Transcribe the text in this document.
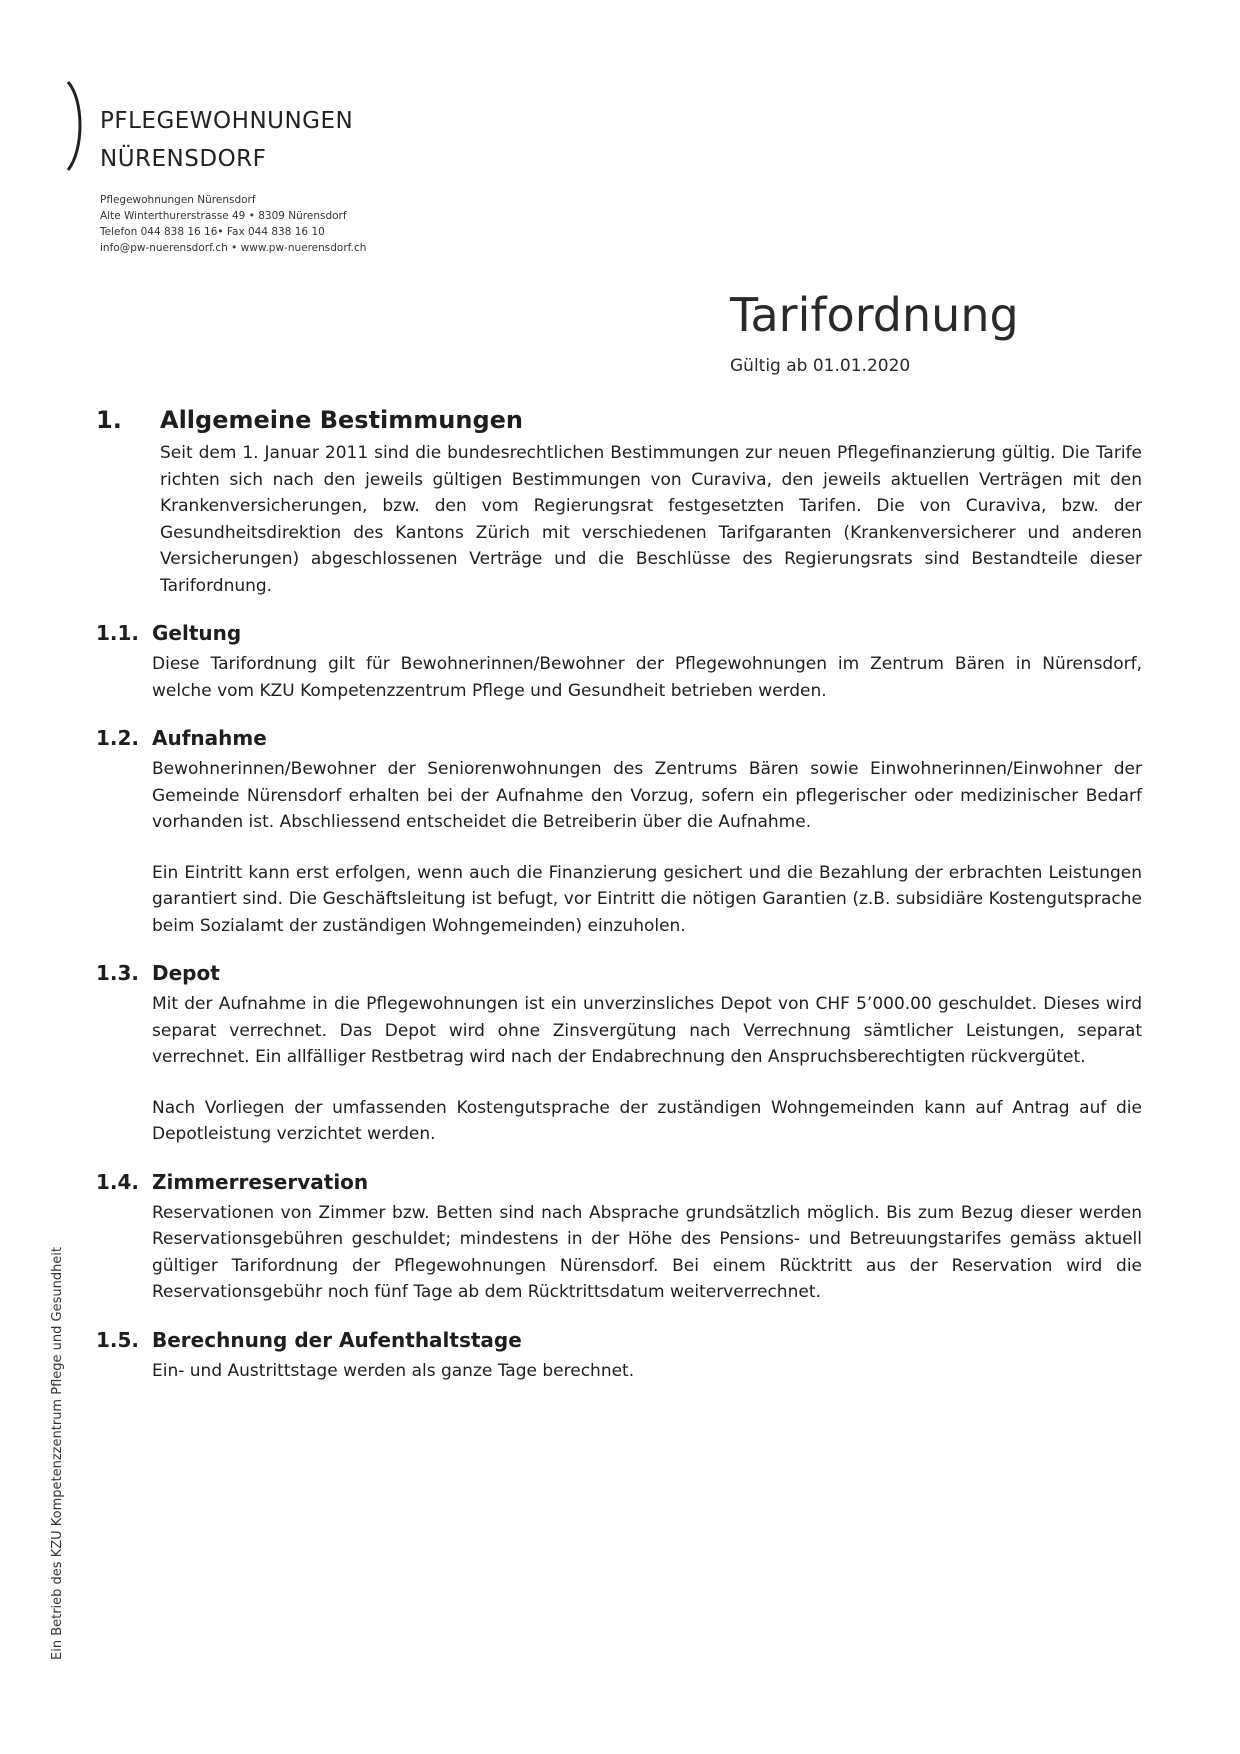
PFLEGEWOHNUNGEN
NÜRENSDORF
Pflegewohnungen Nürensdorf
Alte Winterthurerstrasse 49 • 8309 Nürensdorf
Telefon 044 838 16 16• Fax 044 838 16 10
info@pw-nuerensdorf.ch • www.pw-nuerensdorf.ch
Tarifordnung
Gültig ab 01.01.2020
1.	Allgemeine Bestimmungen
Seit dem 1. Januar 2011 sind die bundesrechtlichen Bestimmungen zur neuen Pflegefinanzierung gültig. Die Tarife richten sich nach den jeweils gültigen Bestimmungen von Curaviva, den jeweils aktuellen Verträgen mit den Krankenversicherungen, bzw. den vom Regierungsrat festgesetzten Tarifen. Die von Curaviva, bzw. der Gesundheitsdirektion des Kantons Zürich mit verschiedenen Tarifgaranten (Krankenversicherer und anderen Versicherungen) abgeschlossenen Verträge und die Beschlüsse des Regierungsrats sind Bestandteile dieser Tarifordnung.
1.1. Geltung
Diese Tarifordnung gilt für Bewohnerinnen/Bewohner der Pflegewohnungen im Zentrum Bären in Nürensdorf, welche vom KZU Kompetenzzentrum Pflege und Gesundheit betrieben werden.
1.2. Aufnahme
Bewohnerinnen/Bewohner der Seniorenwohnungen des Zentrums Bären sowie Einwohnerinnen/Einwohner der Gemeinde Nürensdorf erhalten bei der Aufnahme den Vorzug, sofern ein pflegerischer oder medizinischer Bedarf vorhanden ist. Abschliessend entscheidet die Betreiberin über die Aufnahme.
Ein Eintritt kann erst erfolgen, wenn auch die Finanzierung gesichert und die Bezahlung der erbrachten Leistungen garantiert sind. Die Geschäftsleitung ist befugt, vor Eintritt die nötigen Garantien (z.B. subsidiäre Kostengutsprache beim Sozialamt der zuständigen Wohngemeinden) einzuholen.
1.3. Depot
Mit der Aufnahme in die Pflegewohnungen ist ein unverzinsliches Depot von CHF 5’000.00 geschuldet. Dieses wird separat verrechnet. Das Depot wird ohne Zinsvergütung nach Verrechnung sämtlicher Leistungen, separat verrechnet. Ein allfälliger Restbetrag wird nach der Endabrechnung den Anspruchsberechtigten rückvergütet.
Nach Vorliegen der umfassenden Kostengutsprache der zuständigen Wohngemeinden kann auf Antrag auf die Depotleistung verzichtet werden.
1.4. Zimmerreservation
Reservationen von Zimmer bzw. Betten sind nach Absprache grundsätzlich möglich. Bis zum Bezug dieser werden Reservationsgebühren geschuldet; mindestens in der Höhe des Pensions- und Betreuungstarifes gemäss aktuell gültiger Tarifordnung der Pflegewohnungen Nürensdorf. Bei einem Rücktritt aus der Reservation wird die Reservationsgebühr noch fünf Tage ab dem Rücktrittsdatum weiterverrechnet.
1.5. Berechnung der Aufenthaltstage
Ein- und Austrittstage werden als ganze Tage berechnet.
Ein Betrieb des KZU Kompetenzzentrum Pflege und Gesundheit
